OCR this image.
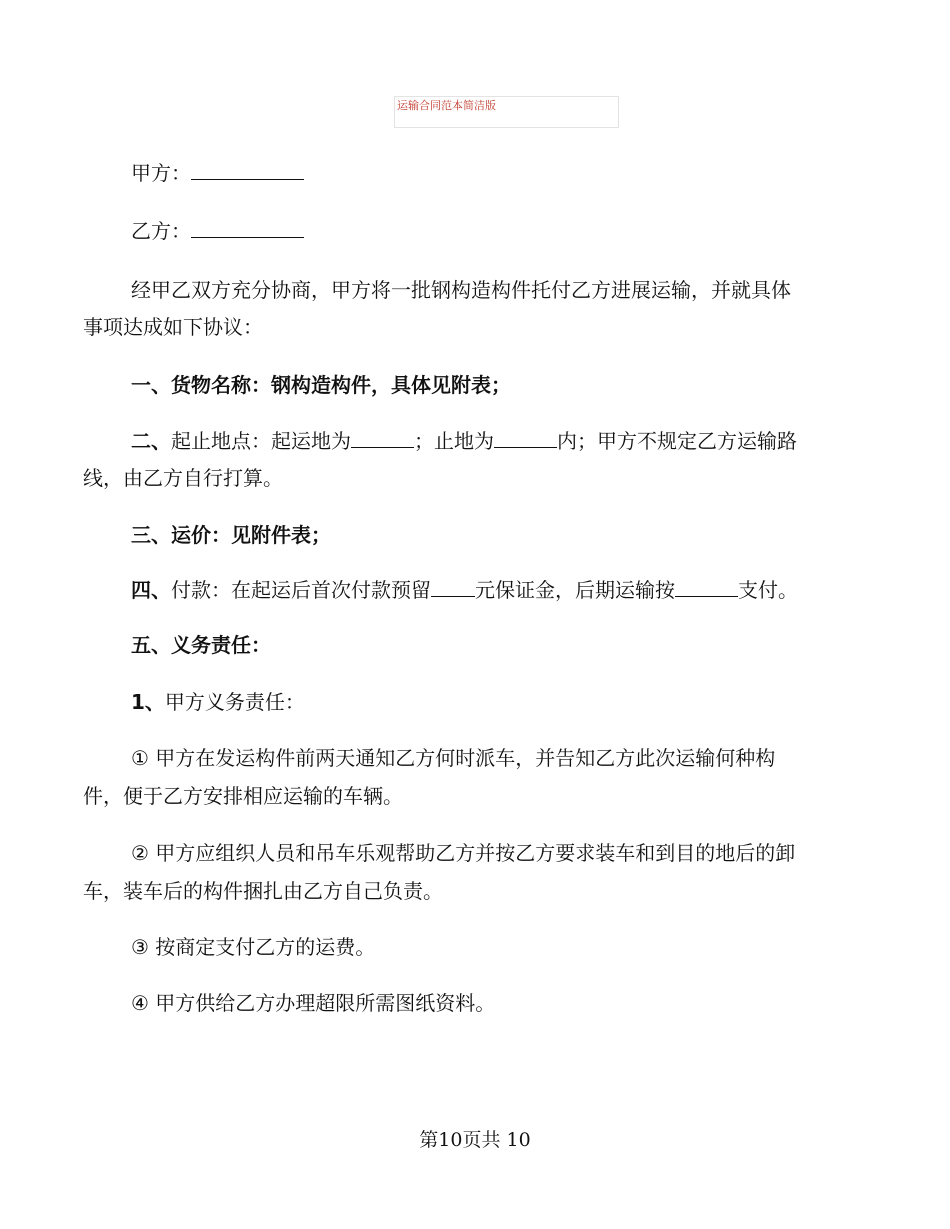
运输合同范本简洁版
甲方：
乙方：
经甲乙双方充分协商，甲方将一批钢构造构件托付乙方进展运输，并就具体
事项达成如下协议：
一、货物名称：钢构造构件，具体见附表；
二、起止地点：起运地为	；止地为	内；甲方不规定乙方运输路
线，由乙方自行打算。
三、运价：见附件表；
四、付款：在起运后首次付款预留 元保证金，后期运输按	支付。
五、义务责任：
1、甲方义务责任：
① 甲方在发运构件前两天通知乙方何时派车，并告知乙方此次运输何种构
件，便于乙方安排相应运输的车辆。
② 甲方应组织人员和吊车乐观帮助乙方并按乙方要求装车和到目的地后的卸
车，装车后的构件捆扎由乙方自己负责。
③ 按商定支付乙方的运费。
④ 甲方供给乙方办理超限所需图纸资料。
第10页共 10
